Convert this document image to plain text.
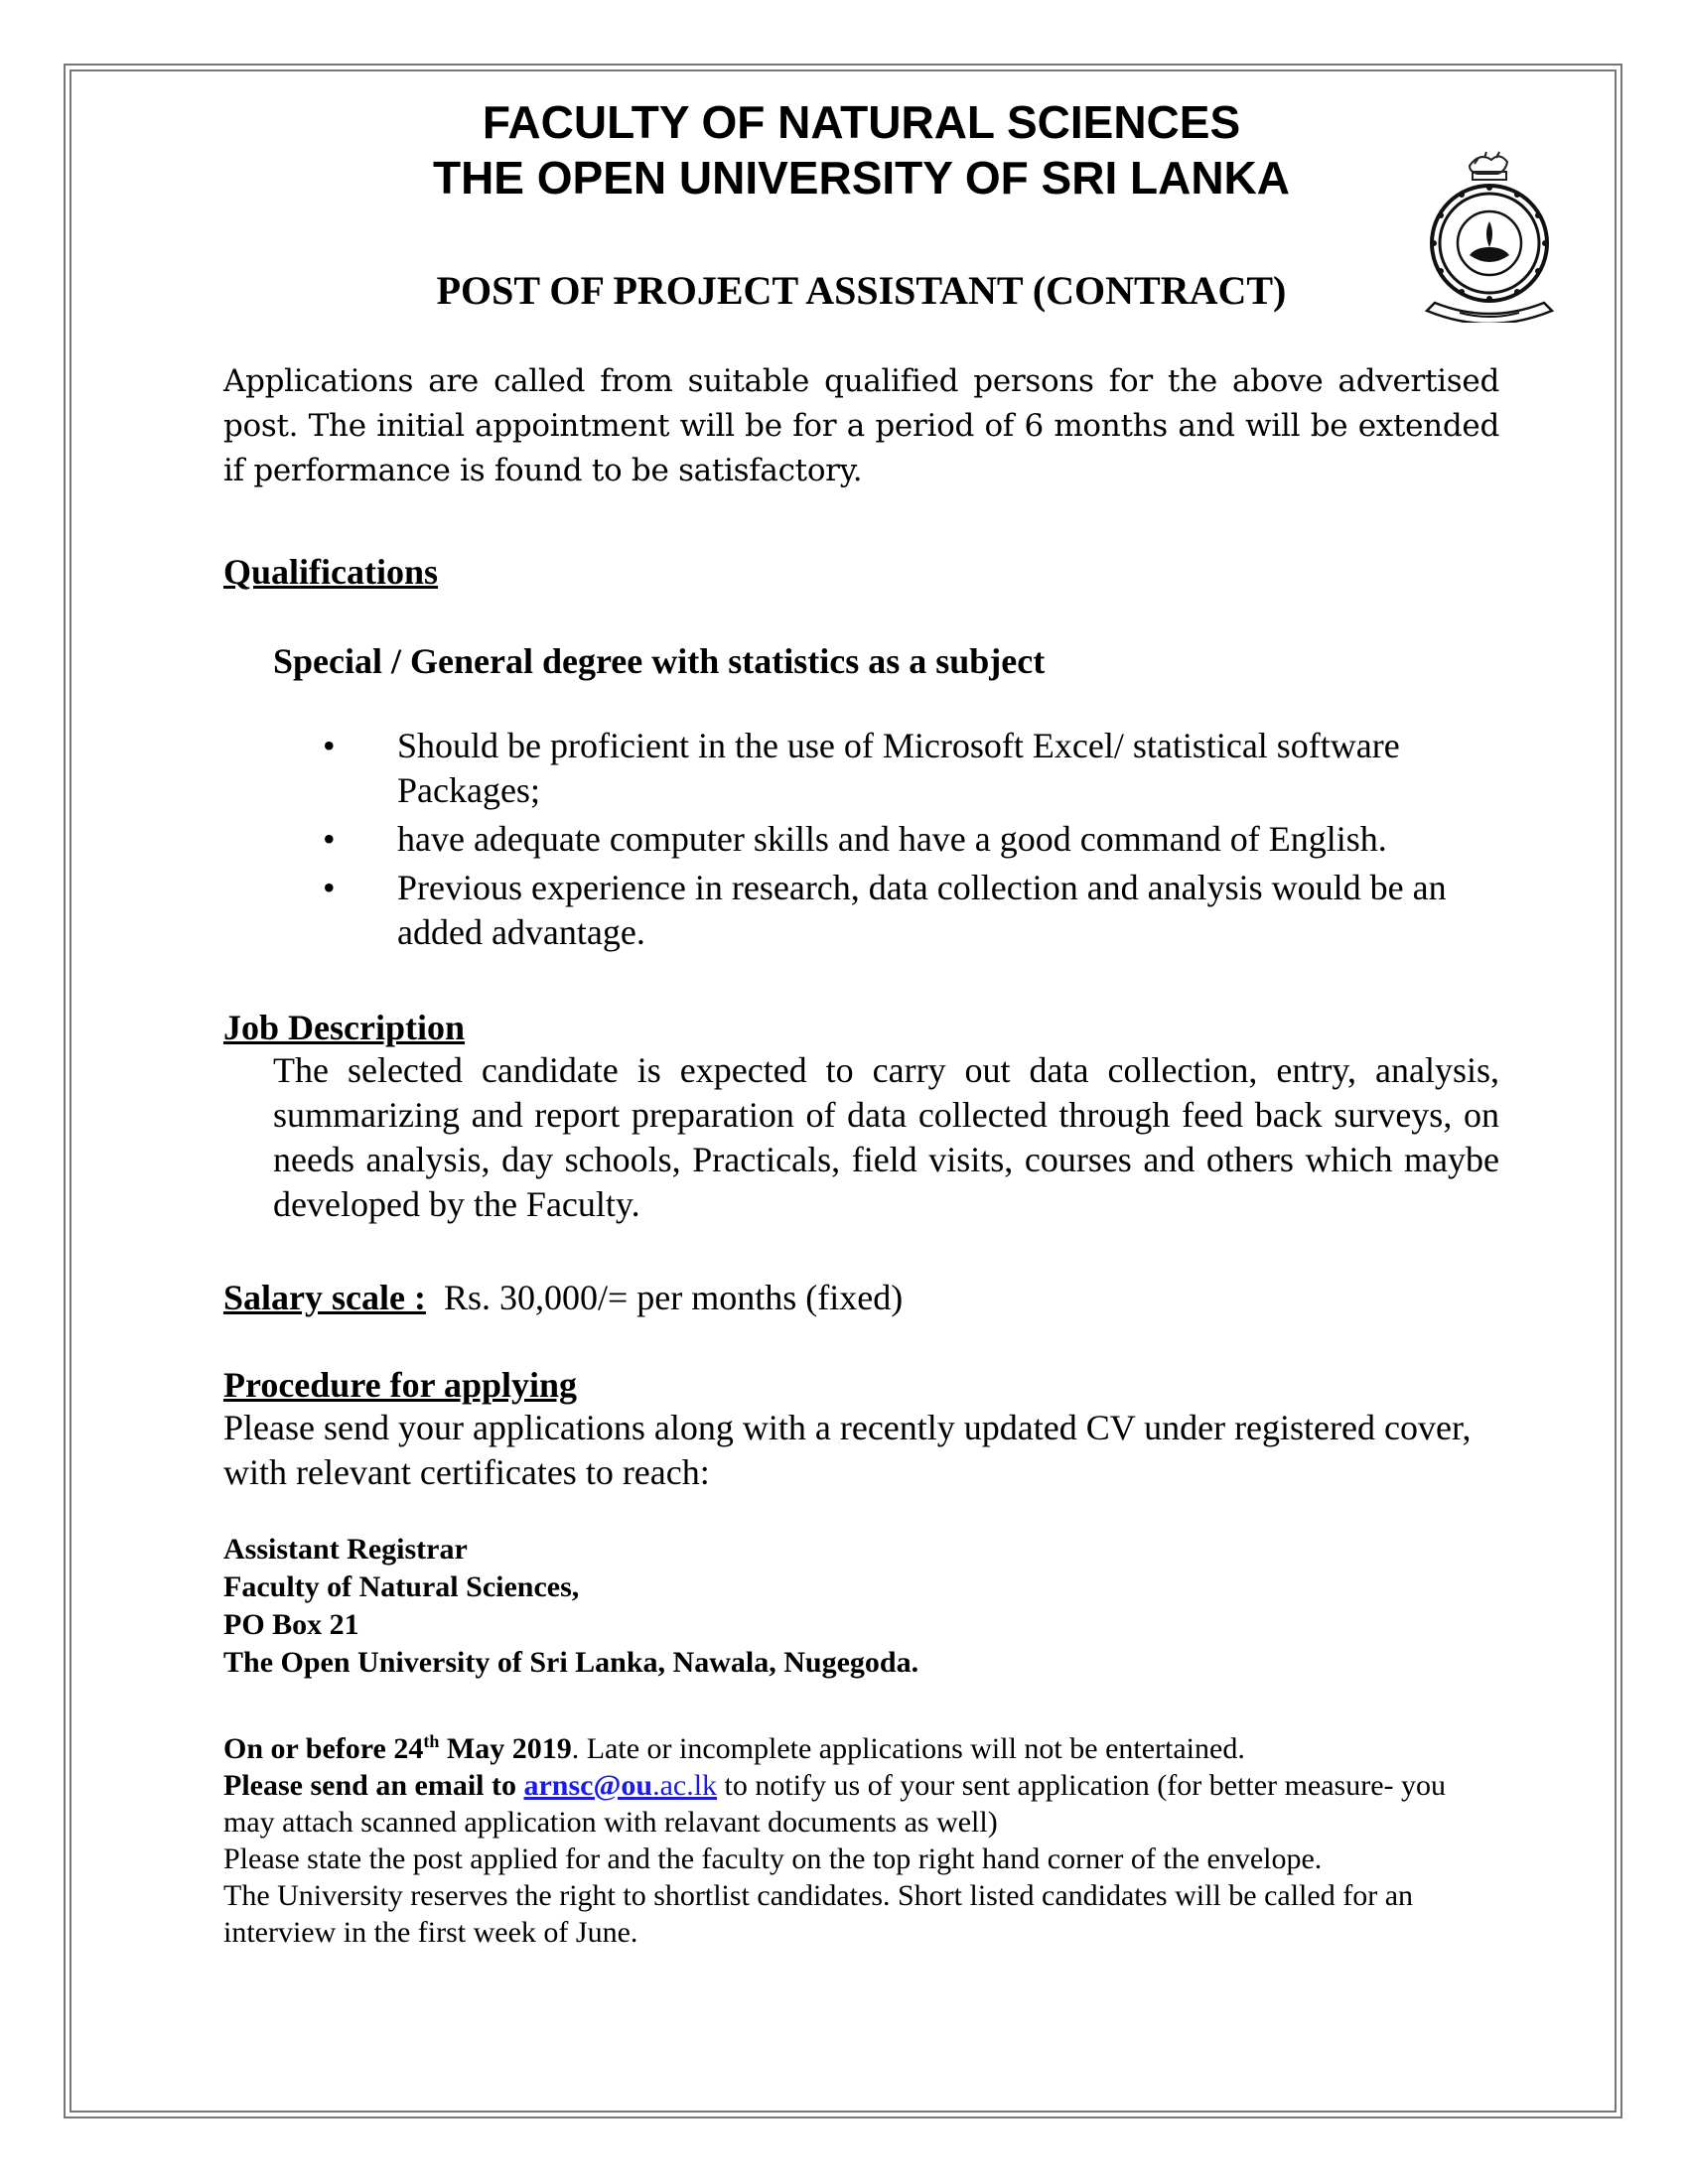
FACULTY OF NATURAL SCIENCES

THE OPEN UNIVERSITY OF SRI LANKA

POST OF PROJECT ASSISTANT (CONTRACT)

Applications are called from suitable qualified persons for the above advertised post. The initial appointment will be for a period of 6 months and will be extended if performance is found to be satisfactory.

Qualifications

Special / General degree with statistics as a subject

• Should be proficient in the use of Microsoft Excel/ statistical software Packages;
• have adequate computer skills and have a good command of English.
• Previous experience in research, data collection and analysis would be an added advantage.

Job Description

The selected candidate is expected to carry out data collection, entry, analysis, summarizing and report preparation of data collected through feed back surveys, on needs analysis, day schools, Practicals, field visits, courses and others which maybe developed by the Faculty.

Salary scale : Rs. 30,000/= per months (fixed)

Procedure for applying

Please send your applications along with a recently updated CV under registered cover, with relevant certificates to reach:

Assistant Registrar
Faculty of Natural Sciences,
PO Box 21
The Open University of Sri Lanka, Nawala, Nugegoda.
On or before 24th May 2019. Late or incomplete applications will not be entertained.
Please send an email to arnsc@ou.ac.lk to notify us of your sent application (for better measure- you may attach scanned application with relavant documents as well)
Please state the post applied for and the faculty on the top right hand corner of the envelope.
The University reserves the right to shortlist candidates. Short listed candidates will be called for an interview in the first week of June.
